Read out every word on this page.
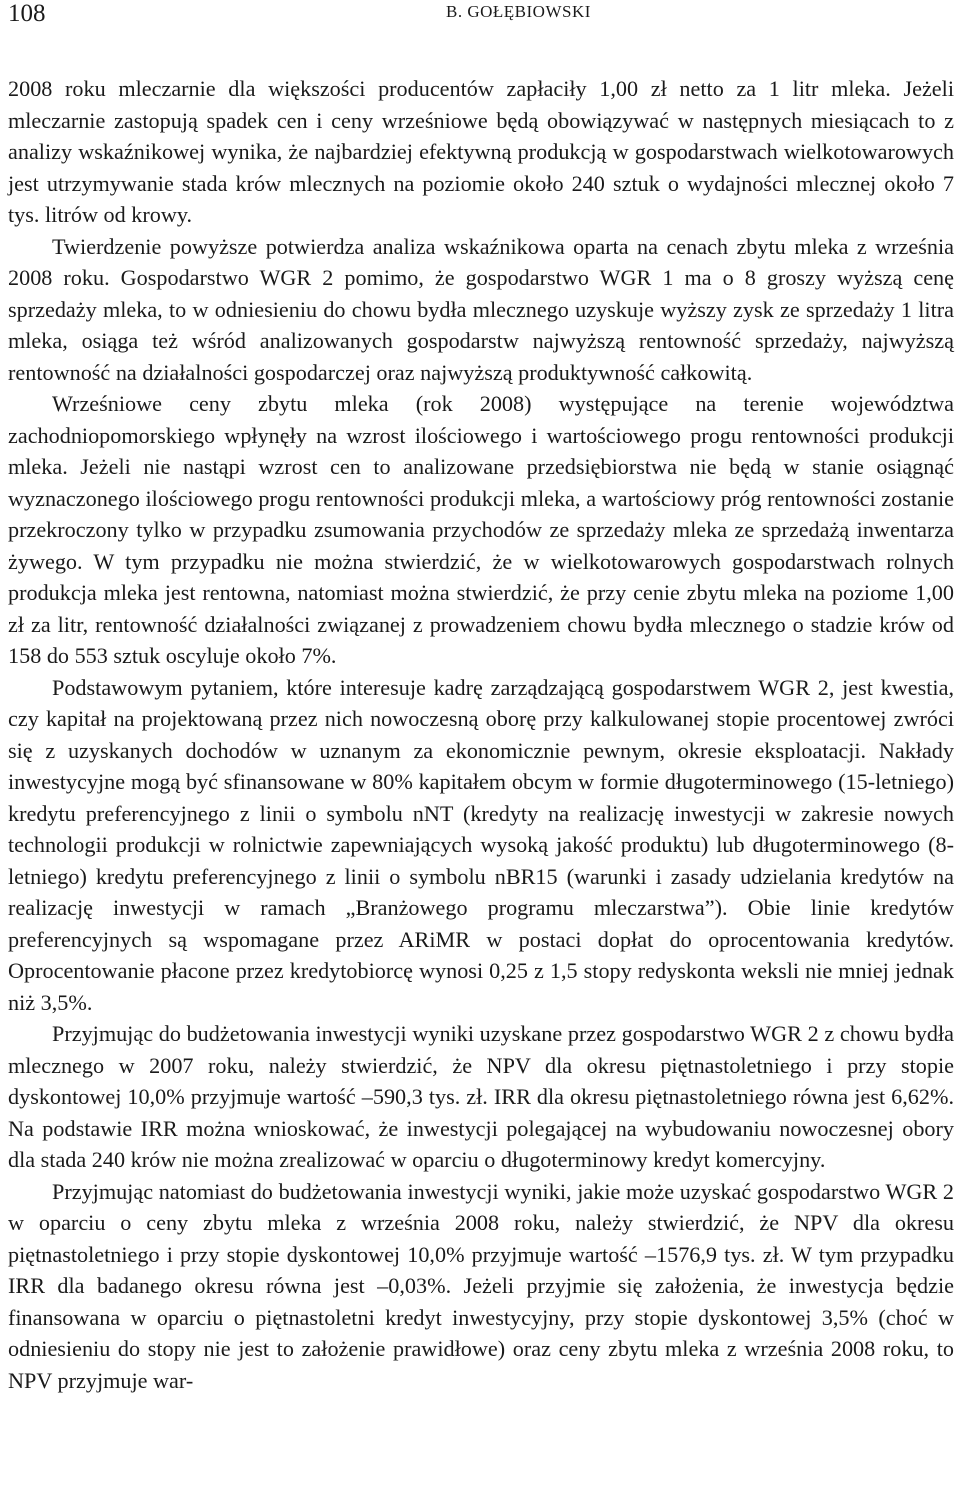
108	B. GOŁĘBIOWSKI

2008 roku mleczarnie dla większości producentów zapłaciły 1,00 zł netto za 1 litr mleka. Jeżeli mleczarnie zastopują spadek cen i ceny wrześniowe będą obowiązywać w następnych miesiącach to z analizy wskaźnikowej wynika, że najbardziej efektywną produkcją w gospodarstwach wielkotowarowych jest utrzymywanie stada krów mlecznych na poziomie około 240 sztuk o wydajności mlecznej około 7 tys. litrów od krowy.

Twierdzenie powyższe potwierdza analiza wskaźnikowa oparta na cenach zbytu mleka z września 2008 roku. Gospodarstwo WGR 2 pomimo, że gospodarstwo WGR 1 ma o 8 groszy wyższą cenę sprzedaży mleka, to w odniesieniu do chowu bydła mlecznego uzyskuje wyższy zysk ze sprzedaży 1 litra mleka, osiąga też wśród analizowanych gospodarstw najwyższą rentowność sprzedaży, najwyższą rentowność na działalności gospodarczej oraz najwyższą produktywność całkowitą.

Wrześniowe ceny zbytu mleka (rok 2008) występujące na terenie województwa zachodniopomorskiego wpłynęły na wzrost ilościowego i wartościowego progu rentowności produkcji mleka. Jeżeli nie nastąpi wzrost cen to analizowane przedsiębiorstwa nie będą w stanie osiągnąć wyznaczonego ilościowego progu rentowności produkcji mleka, a wartościowy próg rentowności zostanie przekroczony tylko w przypadku zsumowania przychodów ze sprzedaży mleka ze sprzedażą inwentarza żywego. W tym przypadku nie można stwierdzić, że w wielkotowarowych gospodarstwach rolnych produkcja mleka jest rentowna, natomiast można stwierdzić, że przy cenie zbytu mleka na poziome 1,00 zł za litr, rentowność działalności związanej z prowadzeniem chowu bydła mlecznego o stadzie krów od 158 do 553 sztuk oscyluje około 7%.

Podstawowym pytaniem, które interesuje kadrę zarządzającą gospodarstwem WGR 2, jest kwestia, czy kapitał na projektowaną przez nich nowoczesną oborę przy kalkulowanej stopie procentowej zwróci się z uzyskanych dochodów w uznanym za ekonomicznie pewnym, okresie eksploatacji. Nakłady inwestycyjne mogą być sfinansowane w 80% kapitałem obcym w formie długoterminowego (15-letniego) kredytu preferencyjnego z linii o symbolu nNT (kredyty na realizację inwestycji w zakresie nowych technologii produkcji w rolnictwie zapewniających wysoką jakość produktu) lub długoterminowego (8-letniego) kredytu preferencyjnego z linii o symbolu nBR15 (warunki i zasady udzielania kredytów na realizację inwestycji w ramach „Branżowego programu mleczarstwa”). Obie linie kredytów preferencyjnych są wspomagane przez ARiMR w postaci dopłat do oprocentowania kredytów. Oprocentowanie płacone przez kredytobiorcę wynosi 0,25 z 1,5 stopy redyskonta weksli nie mniej jednak niż 3,5%.

Przyjmując do budżetowania inwestycji wyniki uzyskane przez gospodarstwo WGR 2 z chowu bydła mlecznego w 2007 roku, należy stwierdzić, że NPV dla okresu piętnastoletniego i przy stopie dyskontowej 10,0% przyjmuje wartość –590,3 tys. zł. IRR dla okresu piętnastoletniego równa jest 6,62%. Na podstawie IRR można wnioskować, że inwestycji polegającej na wybudowaniu nowoczesnej obory dla stada 240 krów nie można zrealizować w oparciu o długoterminowy kredyt komercyjny.

Przyjmując natomiast do budżetowania inwestycji wyniki, jakie może uzyskać gospodarstwo WGR 2 w oparciu o ceny zbytu mleka z września 2008 roku, należy stwierdzić, że NPV dla okresu piętnastoletniego i przy stopie dyskontowej 10,0% przyjmuje wartość –1576,9 tys. zł. W tym przypadku IRR dla badanego okresu równa jest –0,03%. Jeżeli przyjmie się założenia, że inwestycja będzie finansowana w oparciu o piętnastoletni kredyt inwestycyjny, przy stopie dyskontowej 3,5% (choć w odniesieniu do stopy nie jest to założenie prawidłowe) oraz ceny zbytu mleka z września 2008 roku, to NPV przyjmuje war-
